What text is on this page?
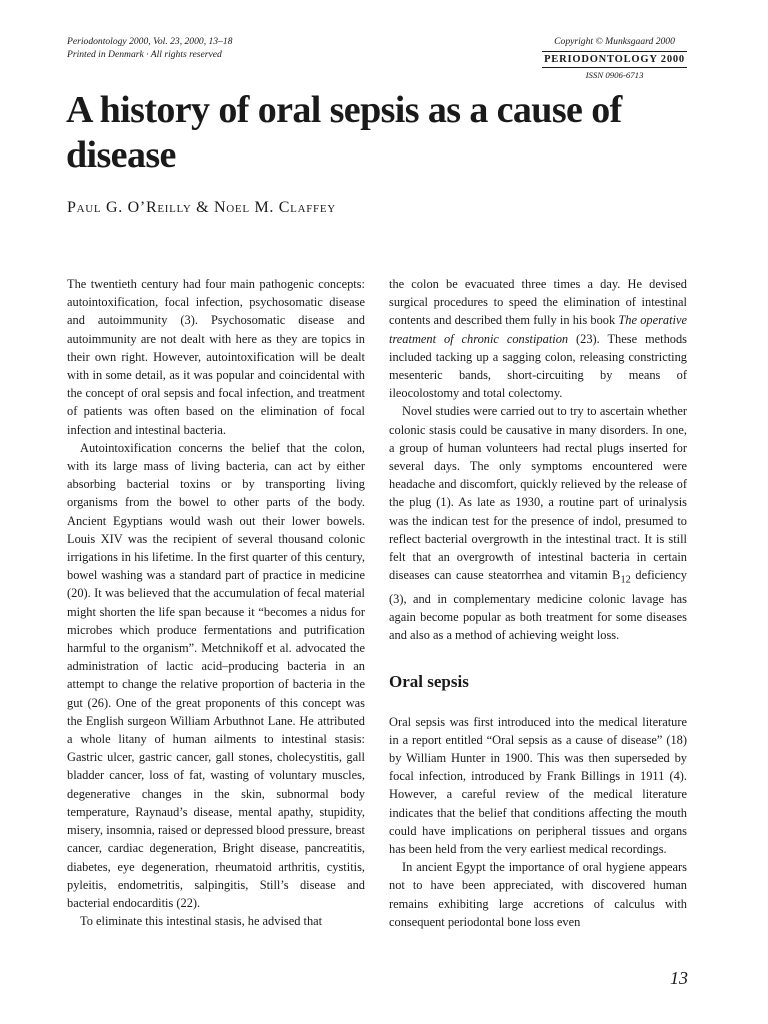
Periodontology 2000, Vol. 23, 2000, 13–18
Printed in Denmark · All rights reserved
Copyright © Munksgaard 2000
PERIODONTOLOGY 2000
ISSN 0906-6713
A history of oral sepsis as a cause of disease

Paul G. O’Reilly & Noel M. Claffey

The twentieth century had four main pathogenic concepts: autointoxification, focal infection, psychosomatic disease and autoimmunity (3). Psychosomatic disease and autoimmunity are not dealt with here as they are topics in their own right. However, autointoxification will be dealt with in some detail, as it was popular and coincidental with the concept of oral sepsis and focal infection, and treatment of patients was often based on the elimination of focal infection and intestinal bacteria.

Autointoxification concerns the belief that the colon, with its large mass of living bacteria, can act by either absorbing bacterial toxins or by transporting living organisms from the bowel to other parts of the body. Ancient Egyptians would wash out their lower bowels. Louis XIV was the recipient of several thousand colonic irrigations in his lifetime. In the first quarter of this century, bowel washing was a standard part of practice in medicine (20). It was believed that the accumulation of fecal material might shorten the life span because it “becomes a nidus for microbes which produce fermentations and putrification harmful to the organism”. Metchnikoff et al. advocated the administration of lactic acid–producing bacteria in an attempt to change the relative proportion of bacteria in the gut (26). One of the great proponents of this concept was the English surgeon William Arbuthnot Lane. He attributed a whole litany of human ailments to intestinal stasis: Gastric ulcer, gastric cancer, gall stones, cholecystitis, gall bladder cancer, loss of fat, wasting of voluntary muscles, degenerative changes in the skin, subnormal body temperature, Raynaud’s disease, mental apathy, stupidity, misery, insomnia, raised or depressed blood pressure, breast cancer, cardiac degeneration, Bright disease, pancreatitis, diabetes, eye degeneration, rheumatoid arthritis, cystitis, pyleitis, endometritis, salpingitis, Still’s disease and bacterial endocarditis (22).

To eliminate this intestinal stasis, he advised that

the colon be evacuated three times a day. He devised surgical procedures to speed the elimination of intestinal contents and described them fully in his book The operative treatment of chronic constipation (23). These methods included tacking up a sagging colon, releasing constricting mesenteric bands, short-circuiting by means of ileocolostomy and total colectomy.

Novel studies were carried out to try to ascertain whether colonic stasis could be causative in many disorders. In one, a group of human volunteers had rectal plugs inserted for several days. The only symptoms encountered were headache and discomfort, quickly relieved by the release of the plug (1). As late as 1930, a routine part of urinalysis was the indican test for the presence of indol, presumed to reflect bacterial overgrowth in the intestinal tract. It is still felt that an overgrowth of intestinal bacteria in certain diseases can cause steatorrhea and vitamin $B_{12}$ deficiency (3), and in complementary medicine colonic lavage has again become popular as both treatment for some diseases and also as a method of achieving weight loss.

Oral sepsis

Oral sepsis was first introduced into the medical literature in a report entitled “Oral sepsis as a cause of disease” (18) by William Hunter in 1900. This was then superseded by focal infection, introduced by Frank Billings in 1911 (4). However, a careful review of the medical literature indicates that the belief that conditions affecting the mouth could have implications on peripheral tissues and organs has been held from the very earliest medical recordings.

In ancient Egypt the importance of oral hygiene appears not to have been appreciated, with discovered human remains exhibiting large accretions of calculus with consequent periodontal bone loss even

13
